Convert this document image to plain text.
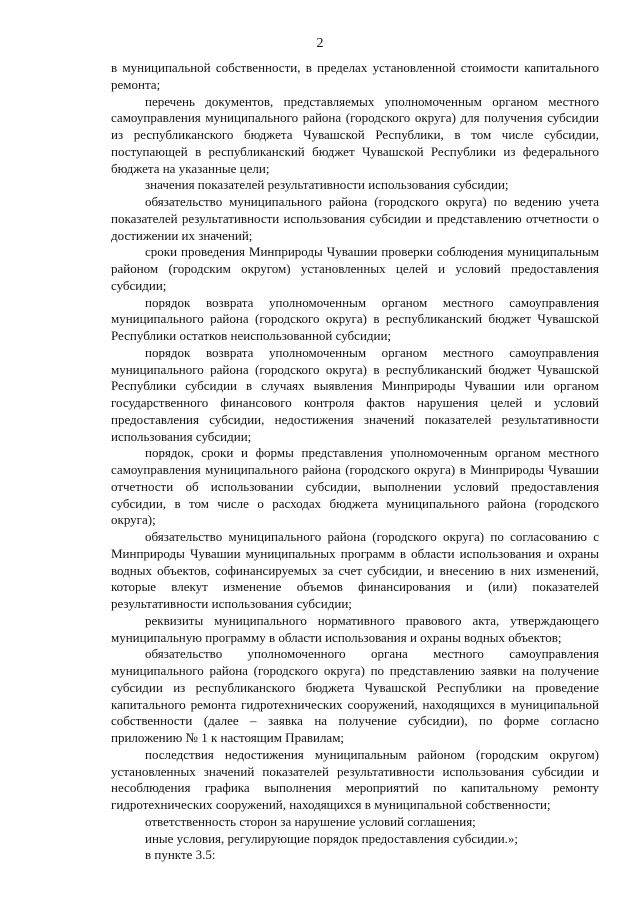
2

в муниципальной собственности, в пределах установленной стоимости капитального ремонта;

перечень документов, представляемых уполномоченным органом местного самоуправления муниципального района (городского округа) для получения субсидии из республиканского бюджета Чувашской Республики, в том числе субсидии, поступающей в республиканский бюджет Чувашской Республики из федерального бюджета на указанные цели;

значения показателей результативности использования субсидии;

обязательство муниципального района (городского округа) по ведению учета показателей результативности использования субсидии и представлению отчетности о достижении их значений;

сроки проведения Минприроды Чувашии проверки соблюдения муниципальным районом (городским округом) установленных целей и условий предоставления субсидии;

порядок возврата уполномоченным органом местного самоуправления муниципального района (городского округа) в республиканский бюджет Чувашской Республики остатков неиспользованной субсидии;

порядок возврата уполномоченным органом местного самоуправления муниципального района (городского округа) в республиканский бюджет Чувашской Республики субсидии в случаях выявления Минприроды Чувашии или органом государственного финансового контроля фактов нарушения целей и условий предоставления субсидии, недостижения значений показателей результативности использования субсидии;

порядок, сроки и формы представления уполномоченным органом местного самоуправления муниципального района (городского округа) в Минприроды Чувашии отчетности об использовании субсидии, выполнении условий предоставления субсидии, в том числе о расходах бюджета муниципального района (городского округа);

обязательство муниципального района (городского округа) по согласованию с Минприроды Чувашии муниципальных программ в области использования и охраны водных объектов, софинансируемых за счет субсидии, и внесению в них изменений, которые влекут изменение объемов финансирования и (или) показателей результативности использования субсидии;

реквизиты муниципального нормативного правового акта, утверждающего муниципальную программу в области использования и охраны водных объектов;

обязательство уполномоченного органа местного самоуправления муниципального района (городского округа) по представлению заявки на получение субсидии из республиканского бюджета Чувашской Республики на проведение капитального ремонта гидротехнических сооружений, находящихся в муниципальной собственности (далее – заявка на получение субсидии), по форме согласно приложению № 1 к настоящим Правилам;

последствия недостижения муниципальным районом (городским округом) установленных значений показателей результативности использования субсидии и несоблюдения графика выполнения мероприятий по капитальному ремонту гидротехнических сооружений, находящихся в муниципальной собственности;

ответственность сторон за нарушение условий соглашения;

иные условия, регулирующие порядок предоставления субсидии.»;

в пункте 3.5:
